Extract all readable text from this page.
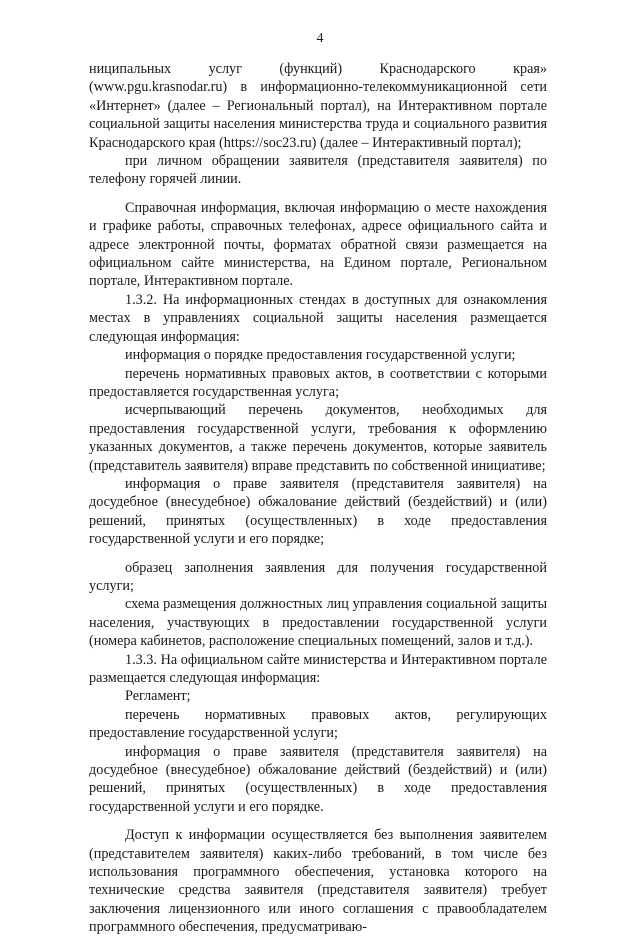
4

ниципальных услуг (функций) Краснодарского края» (www.pgu.krasnodar.ru) в информационно-телекоммуникационной сети «Интернет» (далее – Региональный портал), на Интерактивном портале социальной защиты населения министерства труда и социального развития Краснодарского края (https://soc23.ru) (далее – Интерактивный портал);

при личном обращении заявителя (представителя заявителя) по телефону горячей линии.

Справочная информация, включая информацию о месте нахождения и графике работы, справочных телефонах, адресе официального сайта и адресе электронной почты, форматах обратной связи размещается на официальном сайте министерства, на Едином портале, Региональном портале, Интерактивном портале.

1.3.2. На информационных стендах в доступных для ознакомления местах в управлениях социальной защиты населения размещается следующая информация:

информация о порядке предоставления государственной услуги;

перечень нормативных правовых актов, в соответствии с которыми предоставляется государственная услуга;

исчерпывающий перечень документов, необходимых для предоставления государственной услуги, требования к оформлению указанных документов, а также перечень документов, которые заявитель (представитель заявителя) вправе представить по собственной инициативе;

информация о праве заявителя (представителя заявителя) на досудебное (внесудебное) обжалование действий (бездействий) и (или) решений, принятых (осуществленных) в ходе предоставления государственной услуги и его порядке;

образец заполнения заявления для получения государственной услуги;

схема размещения должностных лиц управления социальной защиты населения, участвующих в предоставлении государственной услуги (номера кабинетов, расположение специальных помещений, залов и т.д.).

1.3.3. На официальном сайте министерства и Интерактивном портале размещается следующая информация:

Регламент;

перечень нормативных правовых актов, регулирующих предоставление государственной услуги;

информация о праве заявителя (представителя заявителя) на досудебное (внесудебное) обжалование действий (бездействий) и (или) решений, принятых (осуществленных) в ходе предоставления государственной услуги и его порядке.

Доступ к информации осуществляется без выполнения заявителем (представителем заявителя) каких-либо требований, в том числе без использования программного обеспечения, установка которого на технические средства заявителя (представителя заявителя) требует заключения лицензионного или иного соглашения с правообладателем программного обеспечения, предусматриваю-
